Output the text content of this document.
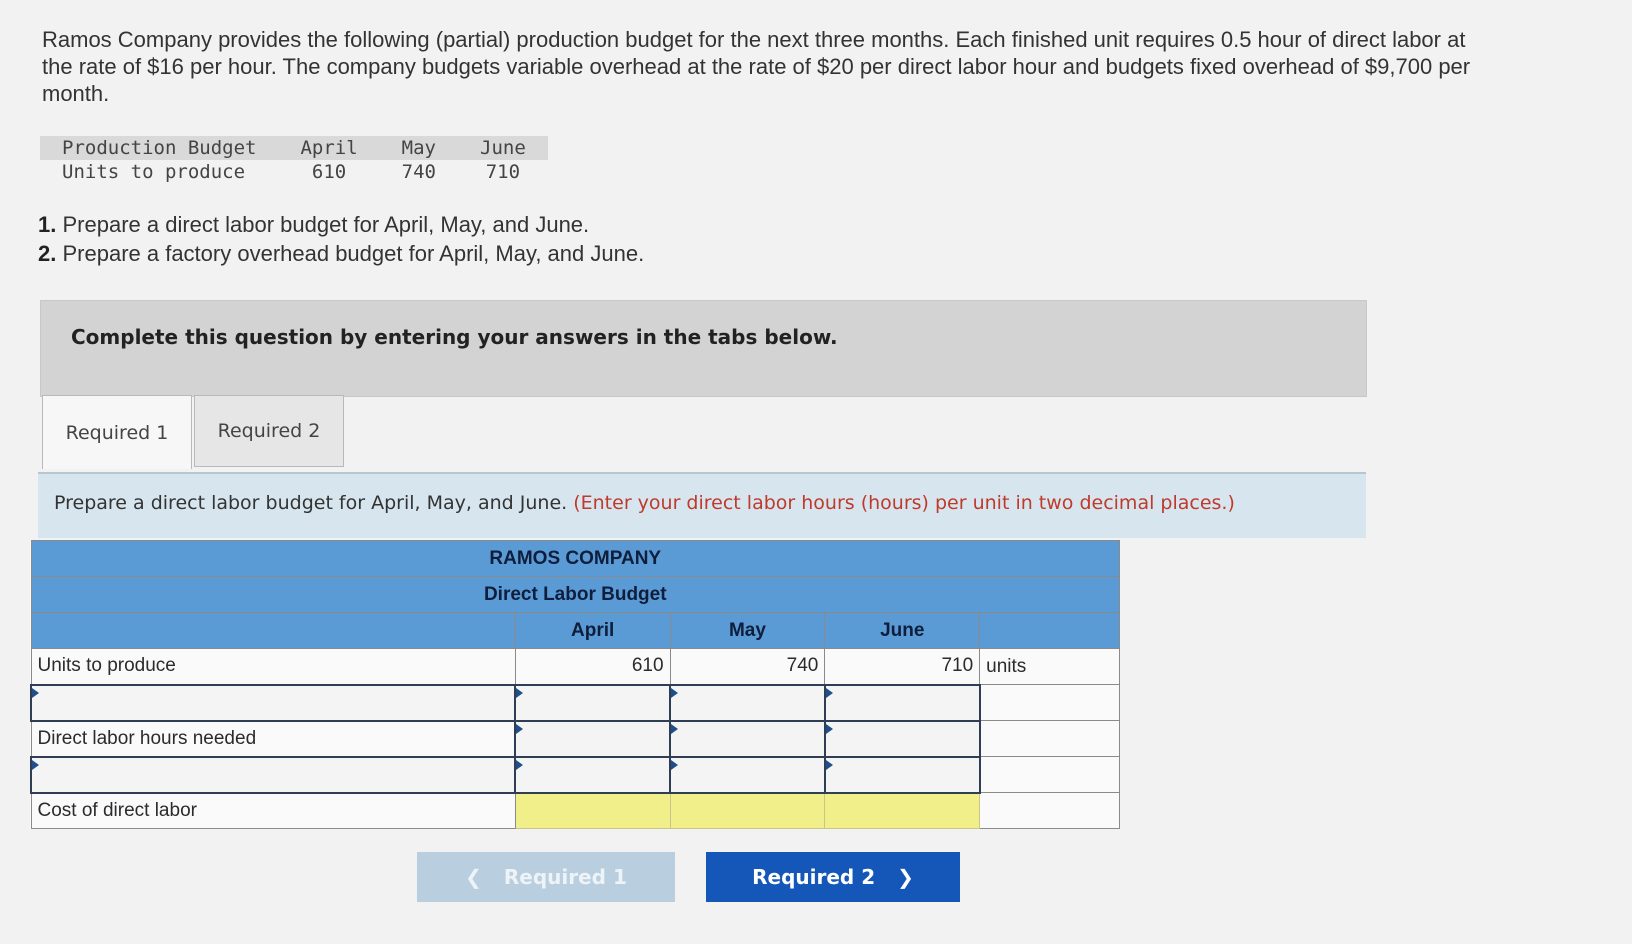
Ramos Company provides the following (partial) production budget for the next three months. Each finished unit requires 0.5 hour of direct labor at the rate of $16 per hour. The company budgets variable overhead at the rate of $20 per direct labor hour and budgets fixed overhead of $9,700 per month.
Production Budget	April	May	June
Units to produce	610	740	710
1. Prepare a direct labor budget for April, May, and June.
2. Prepare a factory overhead budget for April, May, and June.
Complete this question by entering your answers in the tabs below.
Required 1	Required 2
Prepare a direct labor budget for April, May, and June. (Enter your direct labor hours (hours) per unit in two decimal places.)
RAMOS COMPANY				
Direct Labor Budget				
	April	May	June	
Units to produce	610	740	710	units

Direct labor hours needed				

Cost of direct labor				
❮ Required 1	Required 2 ❯
